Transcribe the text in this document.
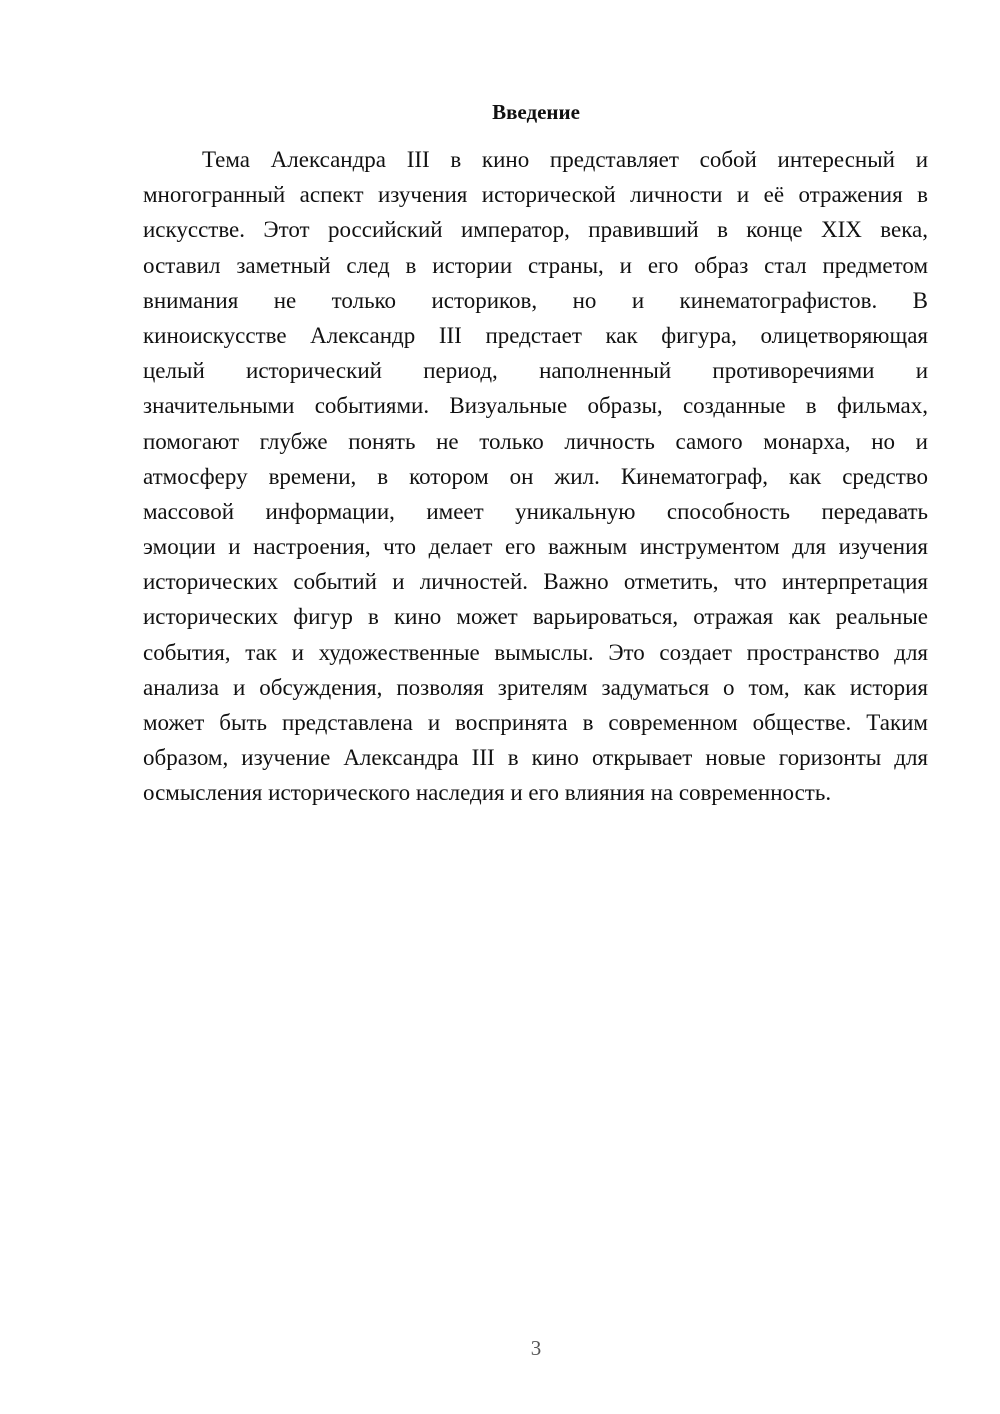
Введение
Тема Александра III в кино представляет собой интересный и
многогранный аспект изучения исторической личности и её отражения в
искусстве. Этот российский император, правивший в конце XIX века,
оставил заметный след в истории страны, и его образ стал предметом
внимания не только историков, но и кинематографистов. В
киноискусстве Александр III предстает как фигура, олицетворяющая
целый исторический период, наполненный противоречиями и
значительными событиями. Визуальные образы, созданные в фильмах,
помогают глубже понять не только личность самого монарха, но и
атмосферу времени, в котором он жил. Кинематограф, как средство
массовой информации, имеет уникальную способность передавать
эмоции и настроения, что делает его важным инструментом для изучения
исторических событий и личностей. Важно отметить, что интерпретация
исторических фигур в кино может варьироваться, отражая как реальные
события, так и художественные вымыслы. Это создает пространство для
анализа и обсуждения, позволяя зрителям задуматься о том, как история
может быть представлена и воспринята в современном обществе. Таким
образом, изучение Александра III в кино открывает новые горизонты для
осмысления исторического наследия и его влияния на современность.
3
